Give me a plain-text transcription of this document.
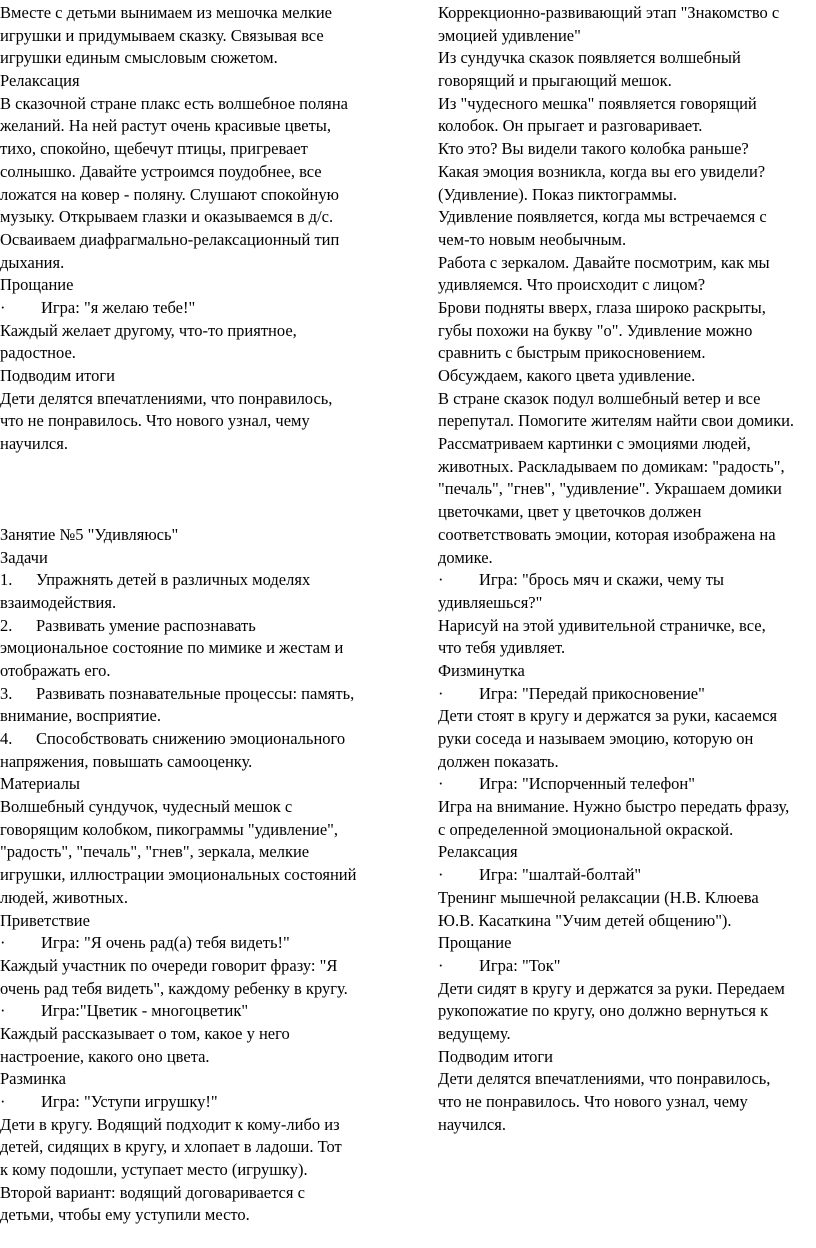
Вместе с детьми вынимаем из мешочка мелкие
игрушки и придумываем сказку. Связывая все
игрушки единым смысловым сюжетом.
Релаксация
В сказочной стране плакс есть волшебное поляна
желаний. На ней растут очень красивые цветы,
тихо, спокойно, щебечут птицы, пригревает
солнышко. Давайте устроимся поудобнее, все
ложатся на ковер - поляну. Слушают спокойную
музыку. Открываем глазки и оказываемся в д/с.
Осваиваем диафрагмально-релаксационный тип
дыхания.
Прощание
· Игра: "я желаю тебе!"
Каждый желает другому, что-то приятное,
радостное.
Подводим итоги
Дети делятся впечатлениями, что понравилось,
что не понравилось. Что нового узнал, чему
научился.
Занятие №5 "Удивляюсь"
Задачи
1. Упражнять детей в различных моделях
взаимодействия.
2. Развивать умение распознавать
эмоциональное состояние по мимике и жестам и
отображать его.
3. Развивать познавательные процессы: память,
внимание, восприятие.
4. Способствовать снижению эмоционального
напряжения, повышать самооценку.
Материалы
Волшебный сундучок, чудесный мешок с
говорящим колобком, пикограммы "удивление",
"радость", "печаль", "гнев", зеркала, мелкие
игрушки, иллюстрации эмоциональных состояний
людей, животных.
Приветствие
· Игра: "Я очень рад(а) тебя видеть!"
Каждый участник по очереди говорит фразу: "Я
очень рад тебя видеть", каждому ребенку в кругу.
· Игра:"Цветик - многоцветик"
Каждый рассказывает о том, какое у него
настроение, какого оно цвета.
Разминка
· Игра: "Уступи игрушку!"
Дети в кругу. Водящий подходит к кому-либо из
детей, сидящих в кругу, и хлопает в ладоши. Тот
к кому подошли, уступает место (игрушку).
Второй вариант: водящий договаривается с
детьми, чтобы ему уступили место.
Коррекционно-развивающий этап "Знакомство с
эмоцией удивление"
Из сундучка сказок появляется волшебный
говорящий и прыгающий мешок.
Из "чудесного мешка" появляется говорящий
колобок. Он прыгает и разговаривает.
Кто это? Вы видели такого колобка раньше?
Какая эмоция возникла, когда вы его увидели?
(Удивление). Показ пиктограммы.
Удивление появляется, когда мы встречаемся с
чем-то новым необычным.
Работа с зеркалом. Давайте посмотрим, как мы
удивляемся. Что происходит с лицом?
Брови подняты вверх, глаза широко раскрыты,
губы похожи на букву "о". Удивление можно
сравнить с быстрым прикосновением.
Обсуждаем, какого цвета удивление.
В стране сказок подул волшебный ветер и все
перепутал. Помогите жителям найти свои домики.
Рассматриваем картинки с эмоциями людей,
животных. Раскладываем по домикам: "радость",
"печаль", "гнев", "удивление". Украшаем домики
цветочками, цвет у цветочков должен
соответствовать эмоции, которая изображена на
домике.
· Игра: "брось мяч и скажи, чему ты
удивляешься?"
Нарисуй на этой удивительной страничке, все,
что тебя удивляет.
Физминутка
· Игра: "Передай прикосновение"
Дети стоят в кругу и держатся за руки, касаемся
руки соседа и называем эмоцию, которую он
должен показать.
· Игра: "Испорченный телефон"
Игра на внимание. Нужно быстро передать фразу,
с определенной эмоциональной окраской.
Релаксация
· Игра: "шалтай-болтай"
Тренинг мышечной релаксации (Н.В. Клюева
Ю.В. Касаткина "Учим детей общению").
Прощание
· Игра: "Ток"
Дети сидят в кругу и держатся за руки. Передаем
рукопожатие по кругу, оно должно вернуться к
ведущему.
Подводим итоги
Дети делятся впечатлениями, что понравилось,
что не понравилось. Что нового узнал, чему
научился.
